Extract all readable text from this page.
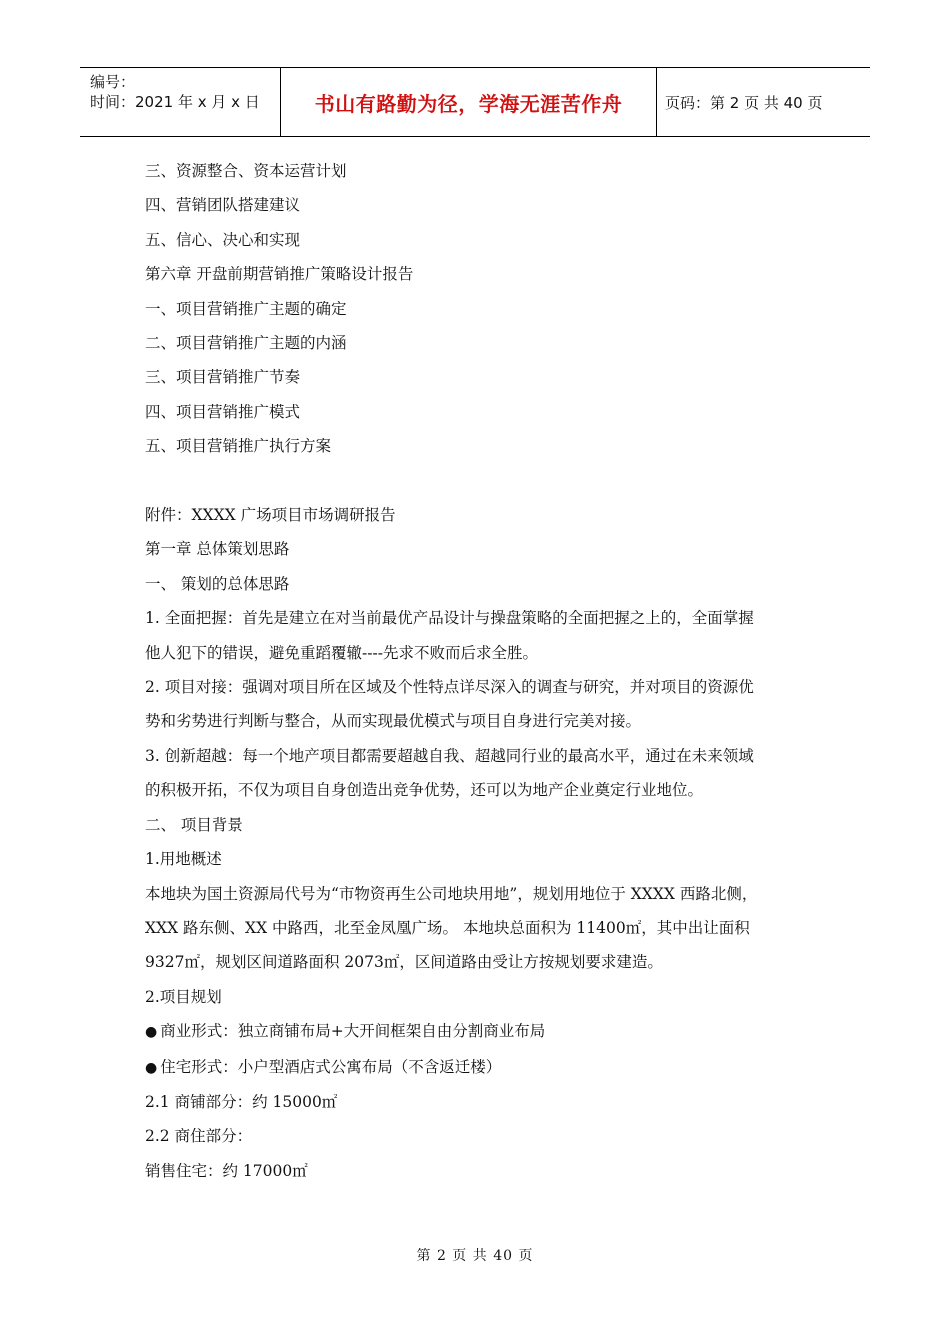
编号：
时间：2021 年 x 月 x 日	书山有路勤为径，学海无涯苦作舟	页码：第 2 页 共 40 页
三、资源整合、资本运营计划
四、营销团队搭建建议
五、信心、决心和实现
第六章 开盘前期营销推广策略设计报告
一、项目营销推广主题的确定
二、项目营销推广主题的内涵
三、项目营销推广节奏
四、项目营销推广模式
五、项目营销推广执行方案
附件：XXXX 广场项目市场调研报告
第一章 总体策划思路
一、 策划的总体思路
1. 全面把握：首先是建立在对当前最优产品设计与操盘策略的全面把握之上的，全面掌握
他人犯下的错误，避免重蹈覆辙----先求不败而后求全胜。
2. 项目对接：强调对项目所在区域及个性特点详尽深入的调查与研究，并对项目的资源优
势和劣势进行判断与整合，从而实现最优模式与项目自身进行完美对接。
3. 创新超越：每一个地产项目都需要超越自我、超越同行业的最高水平，通过在未来领域
的积极开拓，不仅为项目自身创造出竞争优势，还可以为地产企业奠定行业地位。
二、 项目背景
1.用地概述
本地块为国土资源局代号为“市物资再生公司地块用地”，规划用地位于 XXXX 西路北侧，
XXX 路东侧、XX 中路西，北至金凤凰广场。 本地块总面积为 11400㎡，其中出让面积
9327㎡，规划区间道路面积 2073㎡，区间道路由受让方按规划要求建造。
2.项目规划
● 商业形式：独立商铺布局+大开间框架自由分割商业布局
● 住宅形式：小户型酒店式公寓布局（不含返迁楼）
2.1 商铺部分：约 15000㎡
2.2 商住部分：
销售住宅：约 17000㎡
第 2 页 共 40 页
